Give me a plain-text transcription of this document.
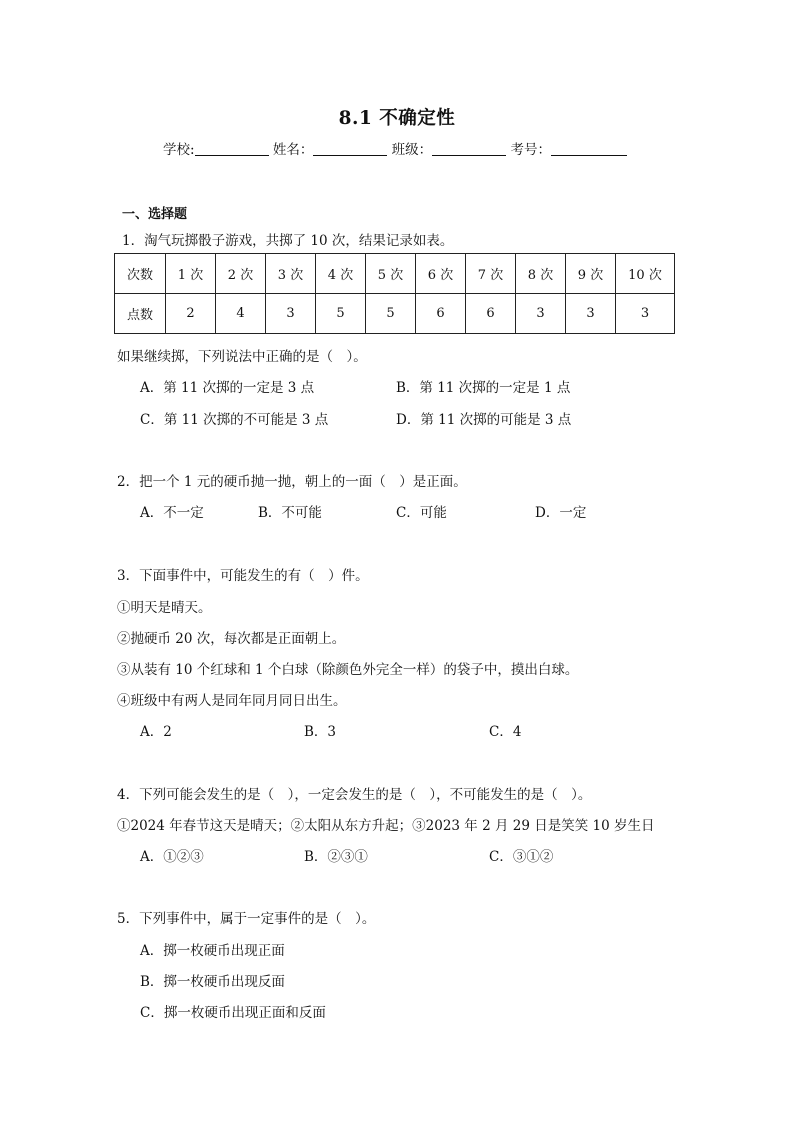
8.1 不确定性
学校:	姓名：	班级：	考号：
一、选择题
1．淘气玩掷骰子游戏，共掷了 10 次，结果记录如表。
次数	1 次	2 次	3 次	4 次	5 次	6 次	7 次	8 次	9 次	10 次
点数	2	4	3	5	5	6	6	3	3	3
如果继续掷，下列说法中正确的是（　）。
A．第 11 次掷的一定是 3 点	B．第 11 次掷的一定是 1 点
C．第 11 次掷的不可能是 3 点	D．第 11 次掷的可能是 3 点
2．把一个 1 元的硬币抛一抛，朝上的一面（　）是正面。
A．不一定	B．不可能	C．可能	D．一定
3．下面事件中，可能发生的有（　）件。
①明天是晴天。
②抛硬币 20 次，每次都是正面朝上。
③从装有 10 个红球和 1 个白球（除颜色外完全一样）的袋子中，摸出白球。
④班级中有两人是同年同月同日出生。
A．2	B．3	C．4
4．下列可能会发生的是（　），一定会发生的是（　），不可能发生的是（　）。
①2024 年春节这天是晴天；②太阳从东方升起；③2023 年 2 月 29 日是笑笑 10 岁生日
A．①②③	B．②③①	C．③①②
5．下列事件中，属于一定事件的是（　）。
A．掷一枚硬币出现正面
B．掷一枚硬币出现反面
C．掷一枚硬币出现正面和反面
